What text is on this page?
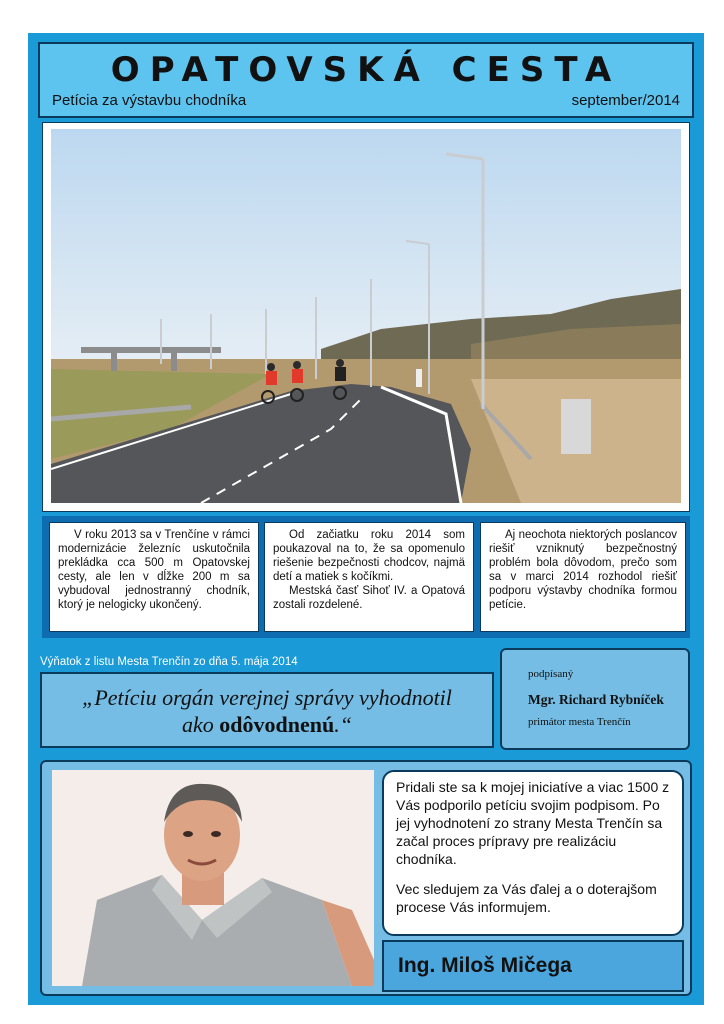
OPATOVSKÁ CESTA
Petícia za výstavbu chodníka	september/2014

V roku 2013 sa v Trenčíne v rámci modernizácie železníc uskutočnila prekládka cca 500 m Opatovskej cesty, ale len v dĺžke 200 m sa vybudoval jednostranný chodník, ktorý je nelogicky ukončený.

Od začiatku roku 2014 som poukazoval na to, že sa opomenulo riešenie bezpečnosti chodcov, najmä detí a matiek s kočíkmi.

Mestská časť Sihoť IV. a Opatová zostali rozdelené.

Aj neochota niektorých poslancov riešiť vzniknutý bezpečnostný problém bola dôvodom, prečo som sa v marci 2014 rozhodol riešiť podporu výstavby chodníka formou petície.

Výňatok z listu Mesta Trenčín zo dňa 5. mája 2014
„Petíciu orgán verejnej správy vyhodnotil
ako odôvodnenú.“
podpísaný
Mgr. Richard Rybníček
primátor mesta Trenčín

Pridali ste sa k mojej iniciatíve a viac 1500 z Vás podporilo petíciu svojim podpisom. Po jej vyhodnotení zo strany Mesta Trenčín sa začal proces prípravy pre realizáciu chodníka.

Vec sledujem za Vás ďalej a o doterajšom procese Vás informujem.

Ing. Miloš Mičega
